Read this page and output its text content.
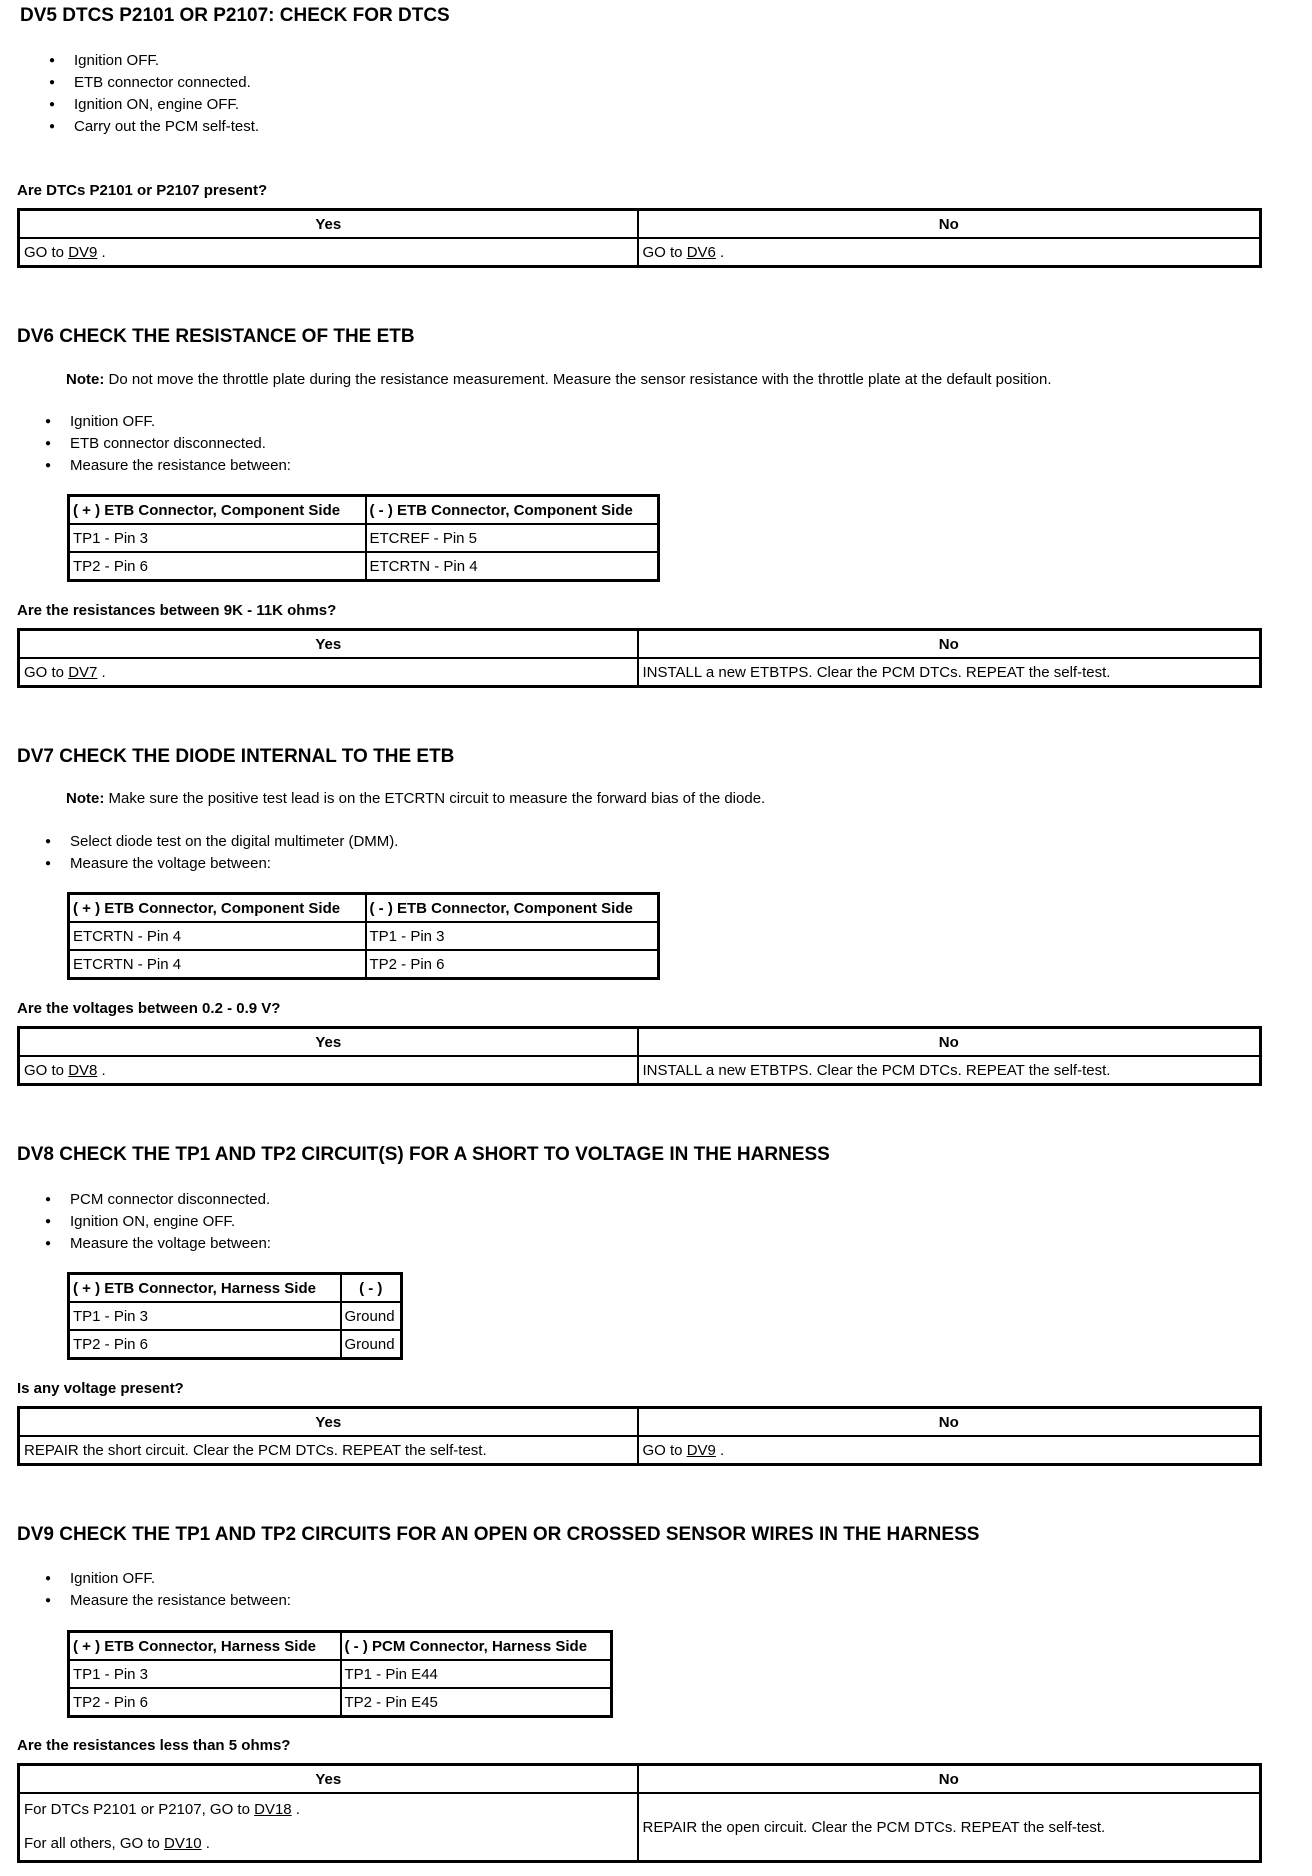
DV5 DTCS P2101 OR P2107: CHECK FOR DTCS
● Ignition OFF.
● ETB connector connected.
● Ignition ON, engine OFF.
● Carry out the PCM self-test.
Are DTCs P2101 or P2107 present?
Yes	No
GO to DV9 .	GO to DV6 .
DV6 CHECK THE RESISTANCE OF THE ETB
Note: Do not move the throttle plate during the resistance measurement. Measure the sensor resistance with the throttle plate at the default position.
● Ignition OFF.
● ETB connector disconnected.
● Measure the resistance between:
( + ) ETB Connector, Component Side	( - ) ETB Connector, Component Side
TP1 - Pin 3	ETCREF - Pin 5
TP2 - Pin 6	ETCRTN - Pin 4
Are the resistances between 9K - 11K ohms?
Yes	No
GO to DV7 .	INSTALL a new ETBTPS. Clear the PCM DTCs. REPEAT the self-test.
DV7 CHECK THE DIODE INTERNAL TO THE ETB
Note: Make sure the positive test lead is on the ETCRTN circuit to measure the forward bias of the diode.
● Select diode test on the digital multimeter (DMM).
● Measure the voltage between:
( + ) ETB Connector, Component Side	( - ) ETB Connector, Component Side
ETCRTN - Pin 4	TP1 - Pin 3
ETCRTN - Pin 4	TP2 - Pin 6
Are the voltages between 0.2 - 0.9 V?
Yes	No
GO to DV8 .	INSTALL a new ETBTPS. Clear the PCM DTCs. REPEAT the self-test.
DV8 CHECK THE TP1 AND TP2 CIRCUIT(S) FOR A SHORT TO VOLTAGE IN THE HARNESS
● PCM connector disconnected.
● Ignition ON, engine OFF.
● Measure the voltage between:
( + ) ETB Connector, Harness Side	( - )
TP1 - Pin 3	Ground
TP2 - Pin 6	Ground
Is any voltage present?
Yes	No
REPAIR the short circuit. Clear the PCM DTCs. REPEAT the self-test.	GO to DV9 .
DV9 CHECK THE TP1 AND TP2 CIRCUITS FOR AN OPEN OR CROSSED SENSOR WIRES IN THE HARNESS
● Ignition OFF.
● Measure the resistance between:
( + ) ETB Connector, Harness Side	( - ) PCM Connector, Harness Side
TP1 - Pin 3	TP1 - Pin E44
TP2 - Pin 6	TP2 - Pin E45
Are the resistances less than 5 ohms?
Yes	No

For DTCs P2101 or P2107, GO to DV18 .
For all others, GO to DV10 .	REPAIR the open circuit. Clear the PCM DTCs. REPEAT the self-test.
